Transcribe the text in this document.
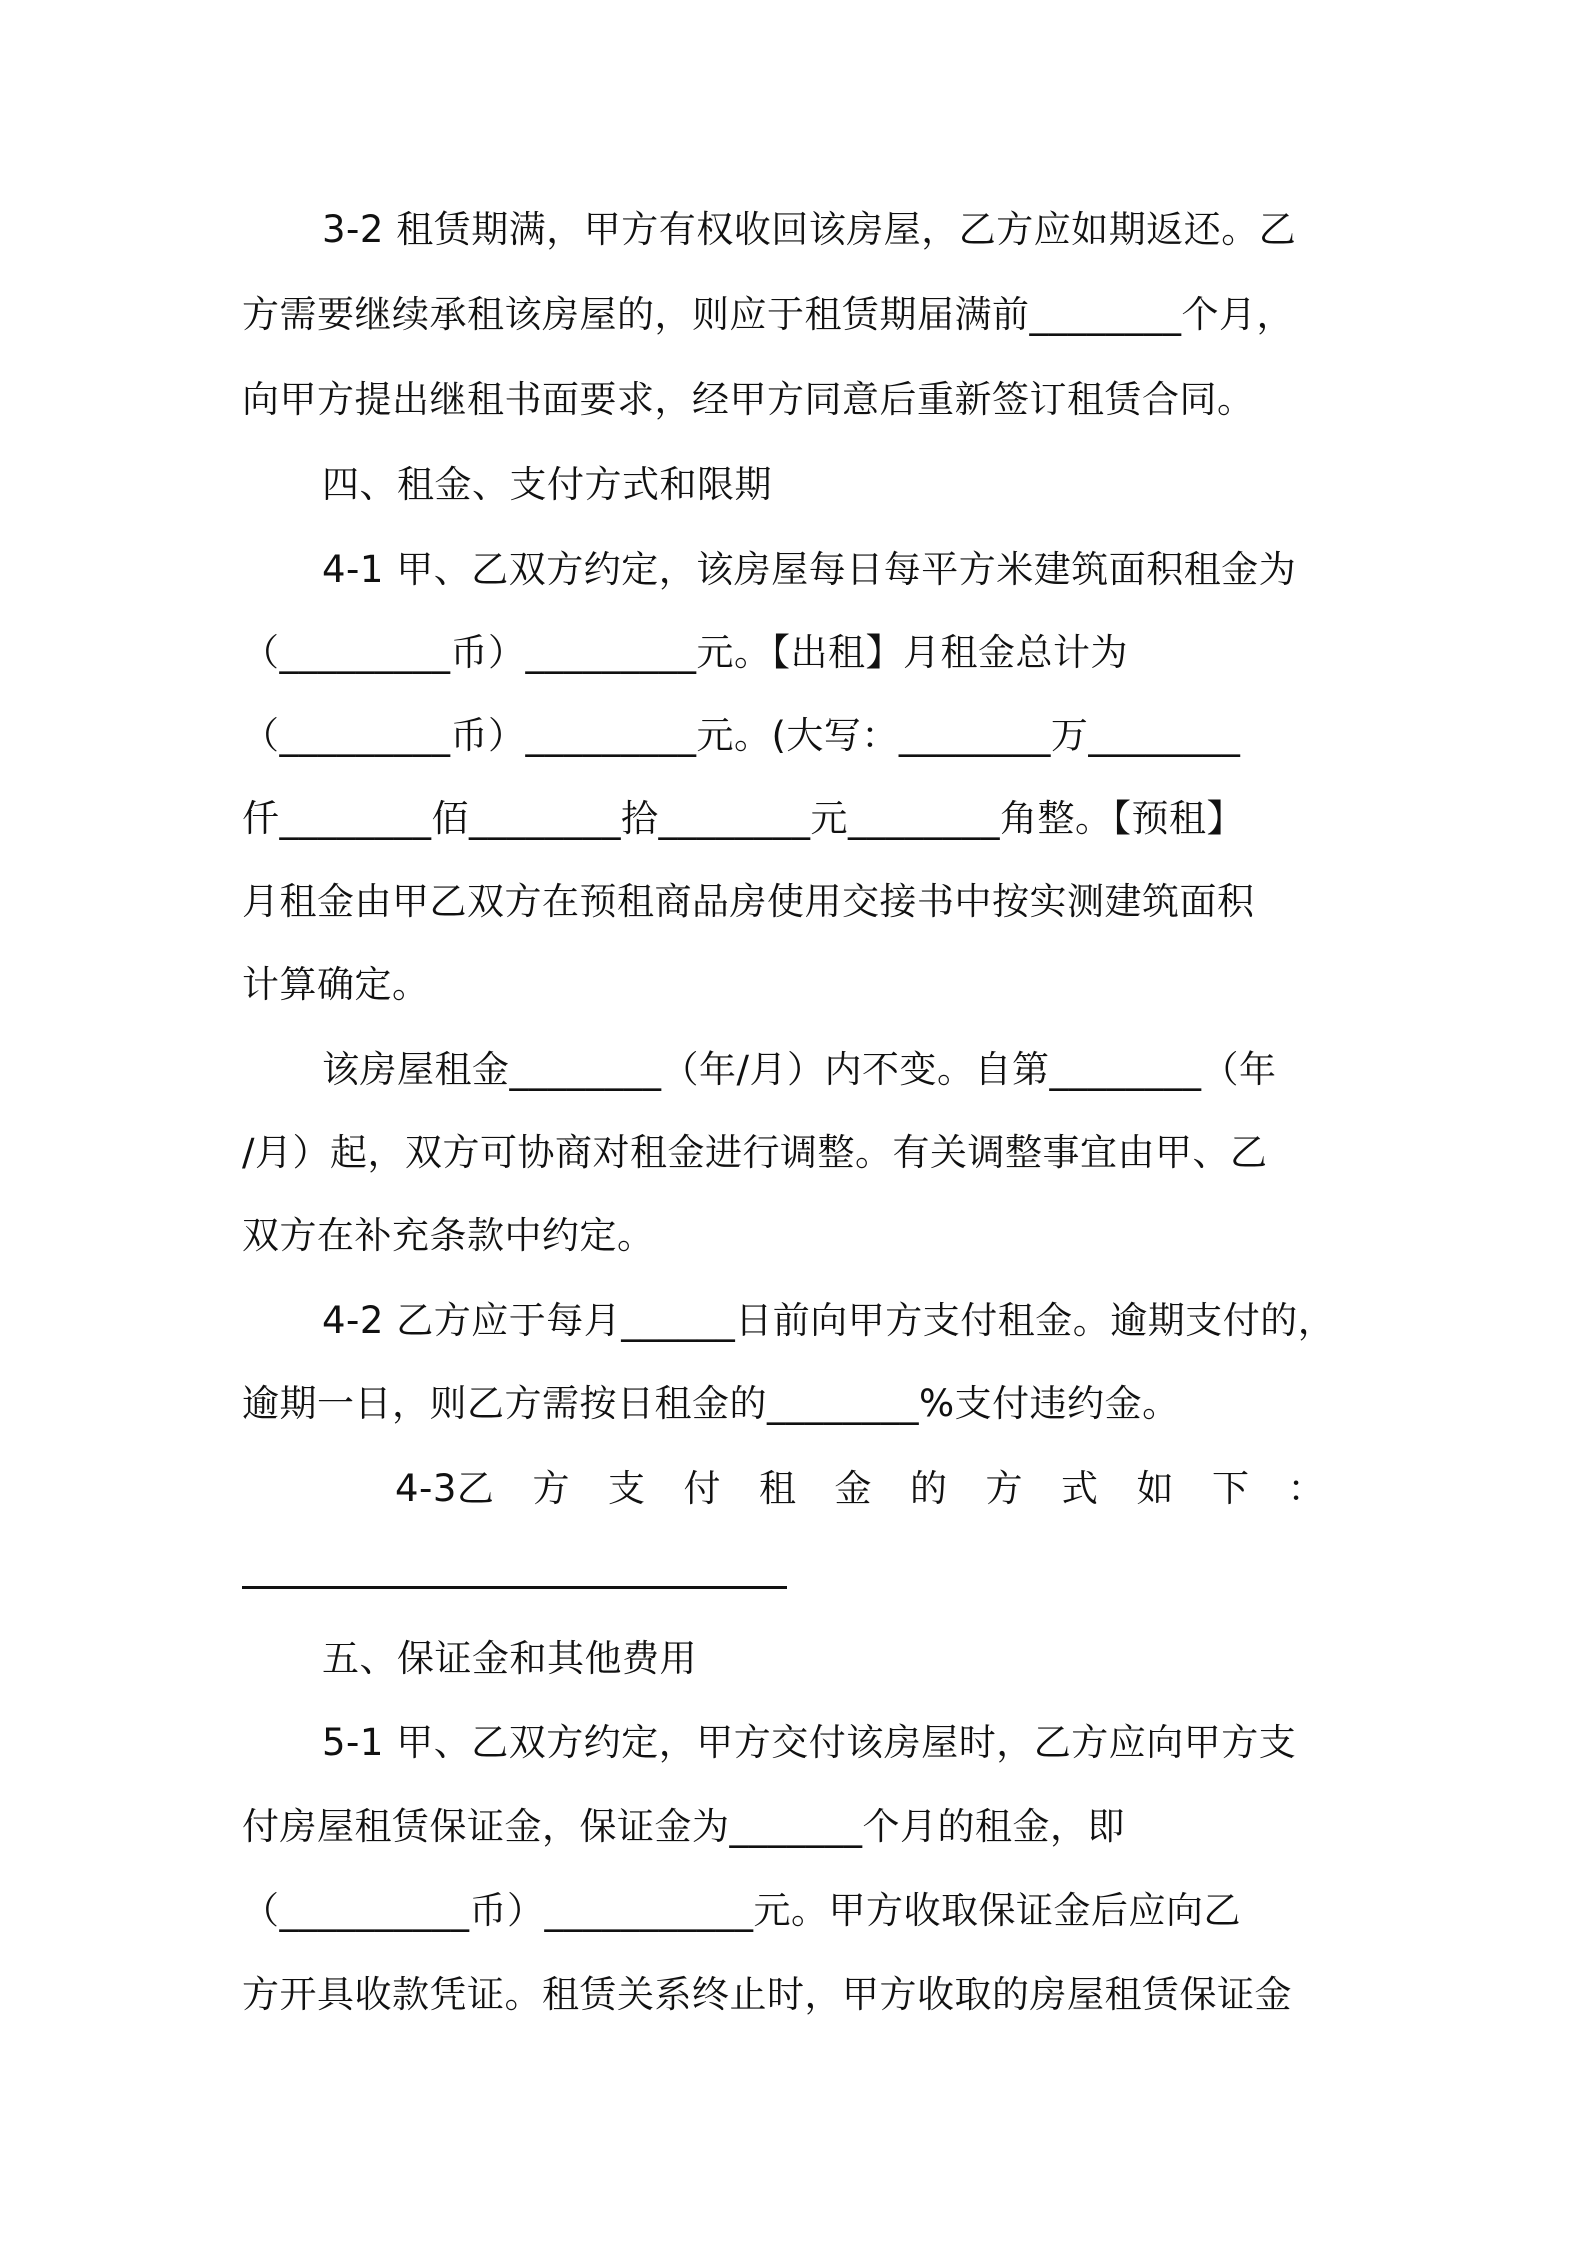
3-2 租赁期满，甲方有权收回该房屋，乙方应如期返还。乙
方需要继续承租该房屋的，则应于租赁期届满前________个月，
向甲方提出继租书面要求，经甲方同意后重新签订租赁合同。
四、租金、支付方式和限期
4-1 甲、乙双方约定，该房屋每日每平方米建筑面积租金为
（_________币）_________元。【出租】月租金总计为
（_________币）_________元。(大写：________万________
仟________佰________拾________元________角整。【预租】
月租金由甲乙双方在预租商品房使用交接书中按实测建筑面积
计算确定。
该房屋租金________（年/月）内不变。自第________（年
/月）起，双方可协商对租金进行调整。有关调整事宜由甲、乙
双方在补充条款中约定。
4-2 乙方应于每月______日前向甲方支付租金。逾期支付的，
逾期一日，则乙方需按日租金的________%支付违约金。
4-3乙 方 支 付 租 金 的 方 式 如 下 ：
五、保证金和其他费用
5-1 甲、乙双方约定，甲方交付该房屋时，乙方应向甲方支
付房屋租赁保证金，保证金为_______个月的租金，即
（__________币）___________元。甲方收取保证金后应向乙
方开具收款凭证。租赁关系终止时，甲方收取的房屋租赁保证金
